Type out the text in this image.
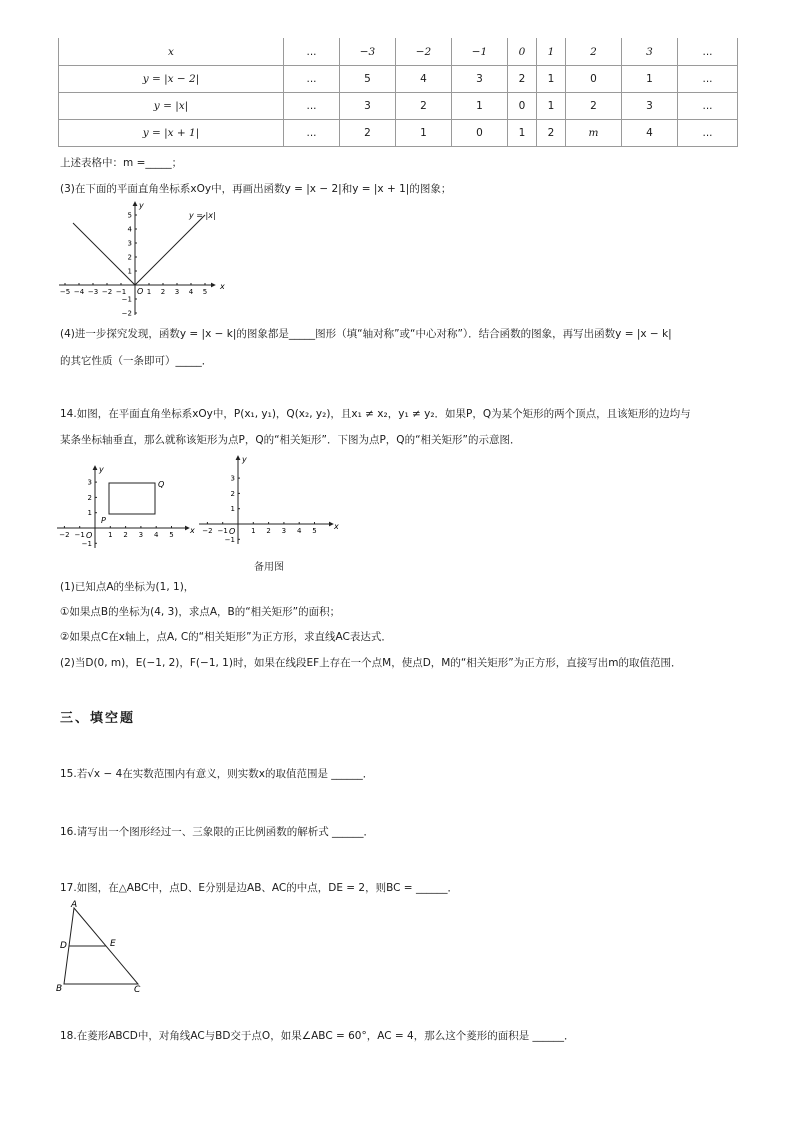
x	...	−3	−2	−1	0	1	2	3	...
y = |x − 2|	...	5	4	3	2	1	0	1	...
y = |x|	...	3	2	1	0	1	2	3	...
y = |x + 1|	...	2	1	0	1	2	m	4	...
上述表格中：m =_____；
(3)在下面的平面直角坐标系xOy中，再画出函数y = |x − 2|和y = |x + 1|的图象；
−5 −4 −3 −2 −1	1 2 3 4 5
5
4
3
2
1
−1
−2
x
y
O
y = |x|
(4)进一步探究发现，函数y = |x − k|的图象都是_____图形（填“轴对称”或“中心对称”）．结合函数的图象，再写出函数y = |x − k|
的其它性质（一条即可）_____．
14.如图，在平面直角坐标系xOy中，P(x₁, y₁)，Q(x₂, y₂)，且x₁ ≠ x₂，y₁ ≠ y₂．如果P，Q为某个矩形的两个顶点，且该矩形的边均与
某条坐标轴垂直，那么就称该矩形为点P，Q的“相关矩形”．下图为点P，Q的“相关矩形”的示意图．
−2 −1	1 2 3 4 5
3
2
1
−1
x
y
O
P
Q
−2 −1	1 2 3 4 5
3
2
1
−1
x
y
O
备用图
(1)已知点A的坐标为(1, 1)，
①如果点B的坐标为(4, 3)，求点A，B的“相关矩形”的面积；
②如果点C在x轴上，点A, C的“相关矩形”为正方形，求直线AC表达式．
(2)当D(0, m)，E(−1, 2)，F(−1, 1)时，如果在线段EF上存在一个点M，使点D，M的“相关矩形”为正方形，直接写出m的取值范围．
三、填空题
15.若√x − 4在实数范围内有意义，则实数x的取值范围是 ______．
16.请写出一个图形经过一、三象限的正比例函数的解析式 ______．
17.如图，在△ABC中，点D、E分别是边AB、AC的中点，DE = 2，则BC = ______．
A
B	C
D	E
18.在菱形ABCD中，对角线AC与BD交于点O，如果∠ABC = 60°，AC = 4，那么这个菱形的面积是 ______．
